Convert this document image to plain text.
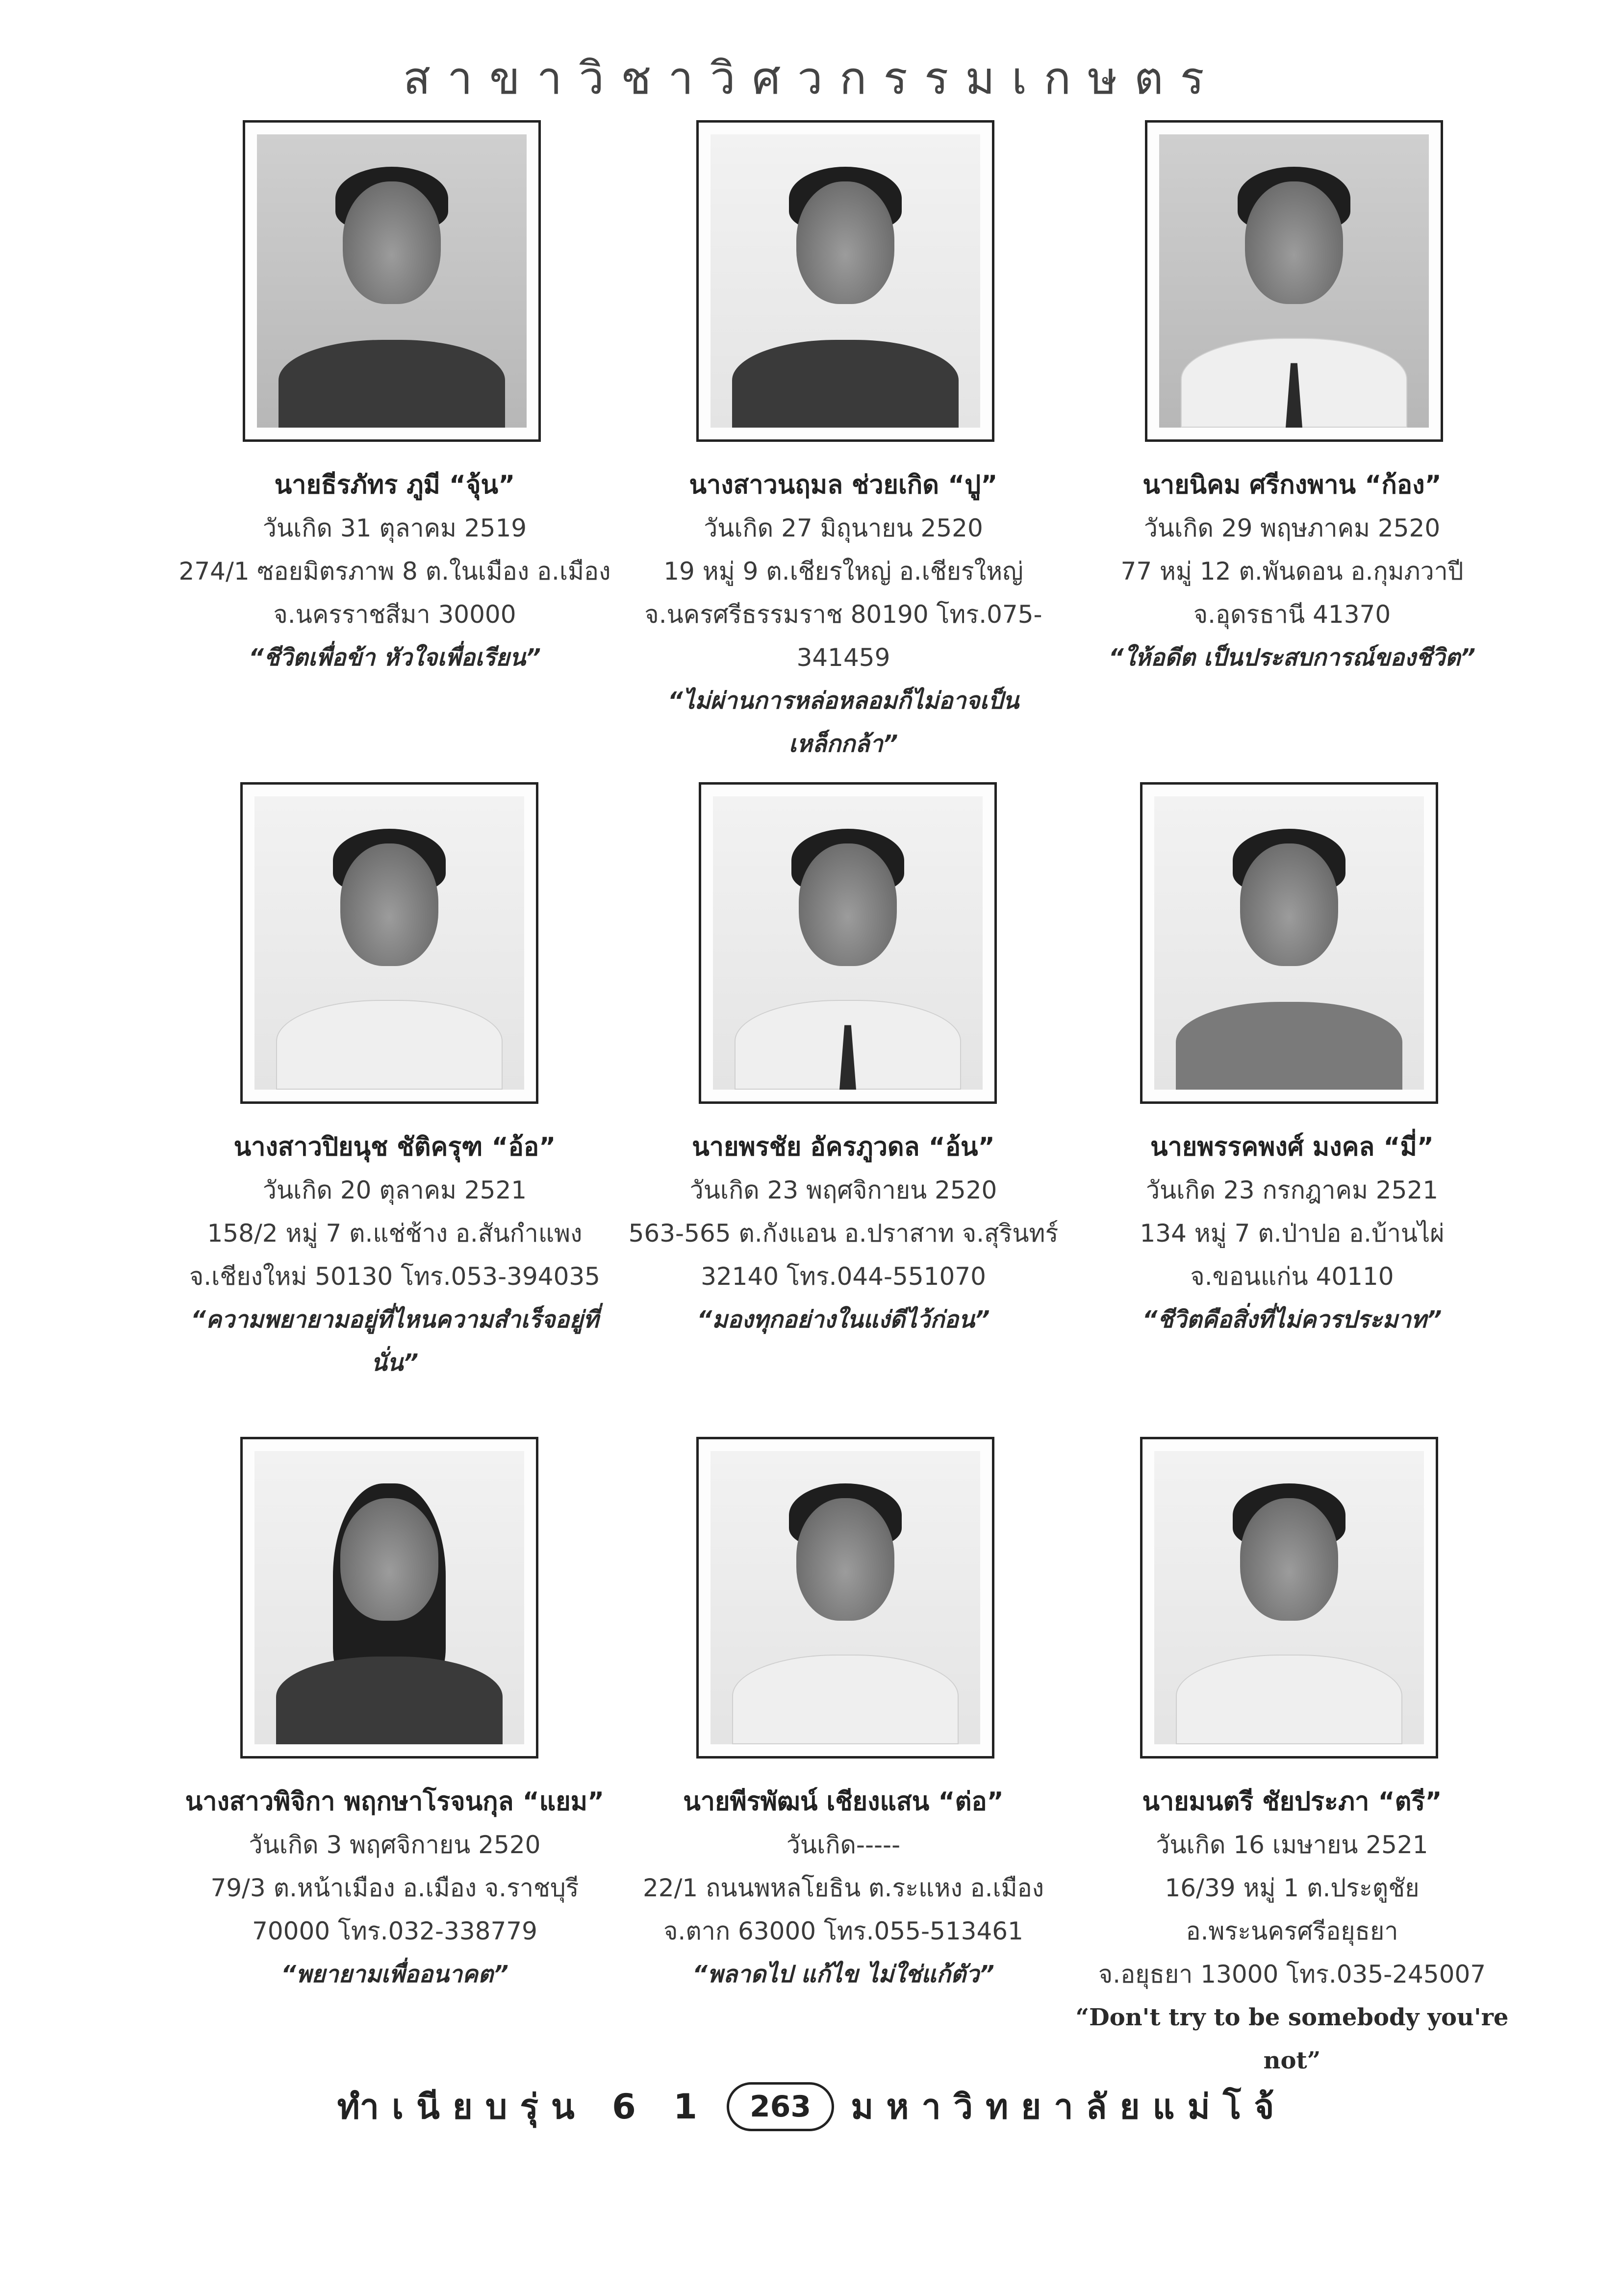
สาขาวิชาวิศวกรรมเกษตร
นายธีรภัทร ภูมี “จุ้น”
วันเกิด 31 ตุลาคม 2519
274/1 ซอยมิตรภาพ 8 ต.ในเมือง อ.เมือง
จ.นครราชสีมา 30000
“ชีวิตเพื่อข้า หัวใจเพื่อเรียน”
นางสาวนฤมล ช่วยเกิด “ปู”
วันเกิด 27 มิถุนายน 2520
19 หมู่ 9 ต.เชียรใหญ่ อ.เชียรใหญ่
จ.นครศรีธรรมราช 80190 โทร.075-341459
“ไม่ผ่านการหล่อหลอมก็ไม่อาจเป็นเหล็กกล้า”
นายนิคม ศรีกงพาน “ก้อง”
วันเกิด 29 พฤษภาคม 2520
77 หมู่ 12 ต.พันดอน อ.กุมภวาปี
จ.อุดรธานี 41370
“ให้อดีต เป็นประสบการณ์ของชีวิต”
นางสาวปิยนุช ชัติครุฑ “อ้อ”
วันเกิด 20 ตุลาคม 2521
158/2 หมู่ 7 ต.แช่ช้าง อ.สันกำแพง
จ.เชียงใหม่ 50130 โทร.053-394035
“ความพยายามอยู่ที่ไหนความสำเร็จอยู่ที่นั่น”
นายพรชัย อัครภูวดล “อ้น”
วันเกิด 23 พฤศจิกายน 2520
563-565 ต.กังแอน อ.ปราสาท จ.สุรินทร์
32140 โทร.044-551070
“มองทุกอย่างในแง่ดีไว้ก่อน”
นายพรรคพงศ์ มงคล “มี่”
วันเกิด 23 กรกฎาคม 2521
134 หมู่ 7 ต.ป่าปอ อ.บ้านไผ่
จ.ขอนแก่น 40110
“ชีวิตคือสิ่งที่ไม่ควรประมาท”
นางสาวพิจิกา พฤกษาโรจนกุล “แยม”
วันเกิด 3 พฤศจิกายน 2520
79/3 ต.หน้าเมือง อ.เมือง จ.ราชบุรี
70000 โทร.032-338779
“พยายามเพื่ออนาคต”
นายพีรพัฒน์ เชียงแสน “ต่อ”
วันเกิด-----
22/1 ถนนพหลโยธิน ต.ระแหง อ.เมือง
จ.ตาก 63000 โทร.055-513461
“พลาดไป แก้ไข ไม่ใช่แก้ตัว”
นายมนตรี ชัยประภา “ตรี”
วันเกิด 16 เมษายน 2521
16/39 หมู่ 1 ต.ประตูชัย อ.พระนครศรีอยุธยา
จ.อยุธยา 13000 โทร.035-245007
“Don't try to be somebody you're not”
ทำเนียบรุ่น 6 1 263 มหาวิทยาลัยแม่โจ้
